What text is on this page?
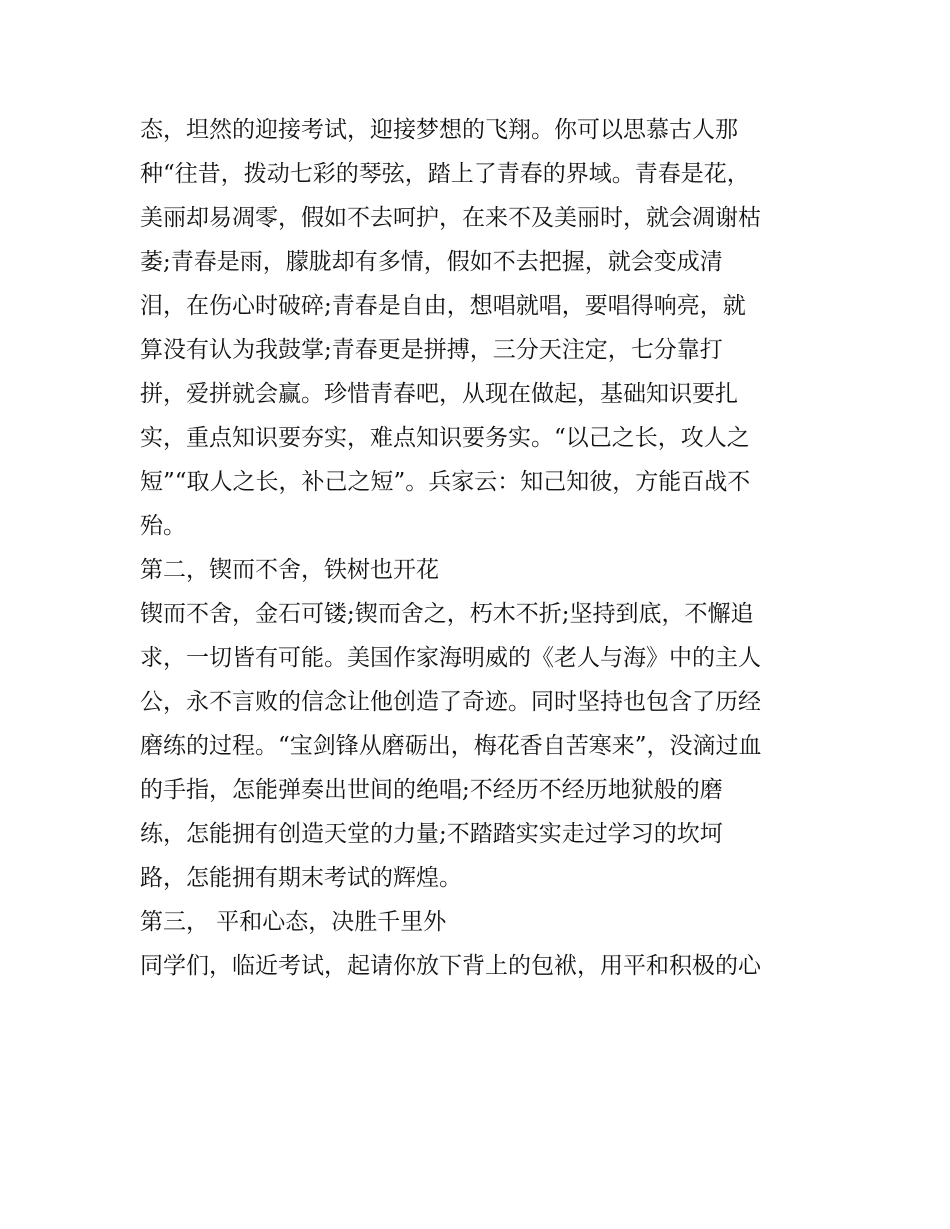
态，坦然的迎接考试，迎接梦想的飞翔。你可以思慕古人那
种“往昔，拨动七彩的琴弦，踏上了青春的界域。青春是花，
美丽却易凋零，假如不去呵护，在来不及美丽时，就会凋谢枯
萎;青春是雨，朦胧却有多情，假如不去把握，就会变成清
泪，在伤心时破碎;青春是自由，想唱就唱，要唱得响亮，就
算没有认为我鼓掌;青春更是拼搏，三分天注定，七分靠打
拼，爱拼就会赢。珍惜青春吧，从现在做起，基础知识要扎
实，重点知识要夯实，难点知识要务实。“以己之长，攻人之
短”“取人之长，补己之短”。兵家云：知己知彼，方能百战不
殆。
第二，锲而不舍，铁树也开花
锲而不舍，金石可镂;锲而舍之，朽木不折;坚持到底，不懈追
求，一切皆有可能。美国作家海明威的《老人与海》中的主人
公，永不言败的信念让他创造了奇迹。同时坚持也包含了历经
磨练的过程。“宝剑锋从磨砺出，梅花香自苦寒来”，没滴过血
的手指，怎能弹奏出世间的绝唱;不经历不经历地狱般的磨
练，怎能拥有创造天堂的力量;不踏踏实实走过学习的坎坷
路，怎能拥有期末考试的辉煌。
第三， 平和心态，决胜千里外
同学们，临近考试，起请你放下背上的包袱，用平和积极的心
